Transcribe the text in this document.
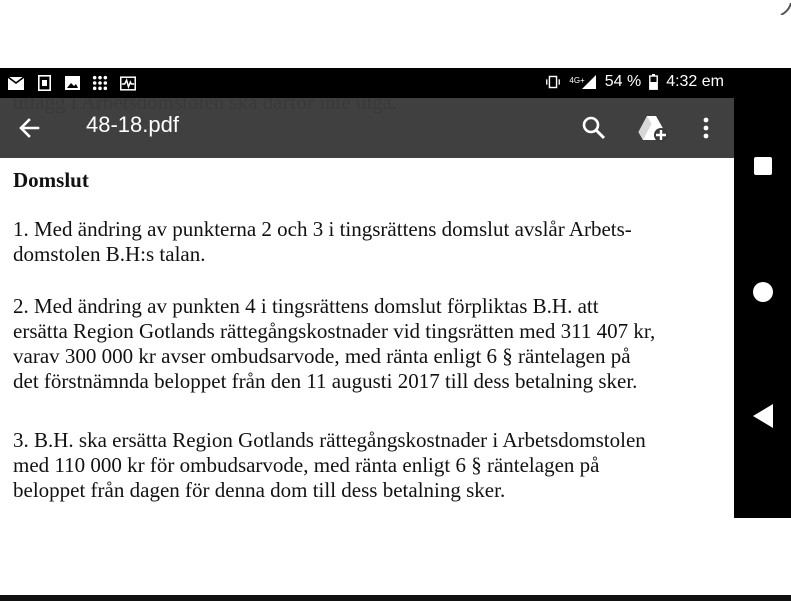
Domslut
1. Med ändring av punkterna 2 och 3 i tingsrättens domslut avslår Arbets-
domstolen B.H:s talan.
2. Med ändring av punkten 4 i tingsrättens domslut förpliktas B.H. att
ersätta Region Gotlands rättegångskostnader vid tingsrätten med 311 407 kr,
varav 300 000 kr avser ombudsarvode, med ränta enligt 6 § räntelagen på
det förstnämnda beloppet från den 11 augusti 2017 till dess betalning sker.
3. B.H. ska ersätta Region Gotlands rättegångskostnader i Arbetsdomstolen
med 110 000 kr för ombudsarvode, med ränta enligt 6 § räntelagen på
beloppet från dagen för denna dom till dess betalning sker.
4G+ 54 % 4:32 em
48-18.pdf
